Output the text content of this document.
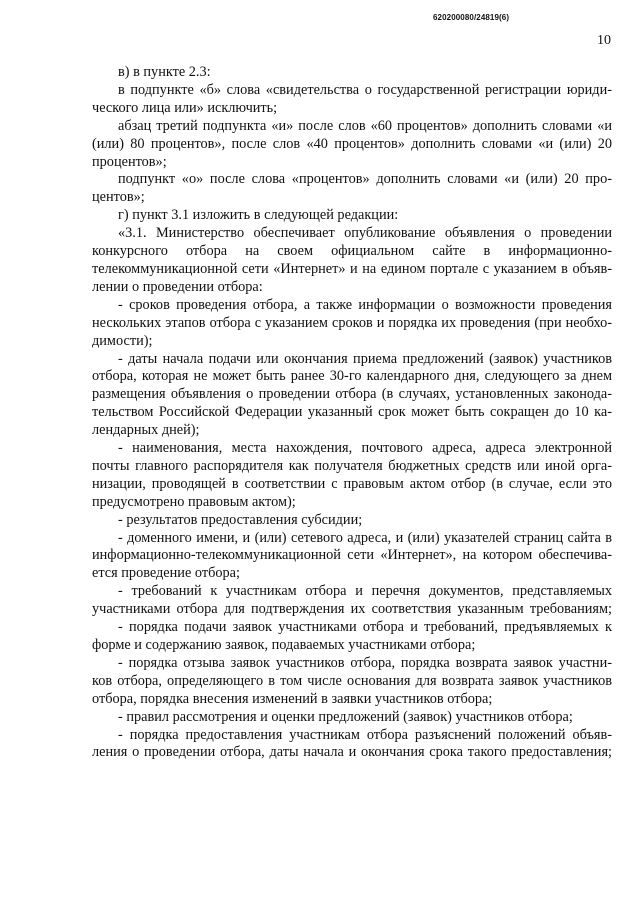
620200080/24819(6)
10
в) в пункте 2.3:
в подпункте «б» слова «свидетельства о государственной регистрации юриди-
ческого лица или» исключить;
абзац третий подпункта «и» после слов «60 процентов» дополнить словами «и
(или) 80 процентов», после слов «40 процентов» дополнить словами «и (или) 20
процентов»;
подпункт «о» после слова «процентов» дополнить словами «и (или) 20 про-
центов»;
г) пункт 3.1 изложить в следующей редакции:
«3.1. Министерство обеспечивает опубликование объявления о проведении
конкурсного отбора на своем официальном сайте в информационно-
телекоммуникационной сети «Интернет» и на едином портале с указанием в объяв-
лении о проведении отбора:
- сроков проведения отбора, а также информации о возможности проведения
нескольких этапов отбора с указанием сроков и порядка их проведения (при необхо-
димости);
- даты начала подачи или окончания приема предложений (заявок) участников
отбора, которая не может быть ранее 30-го календарного дня, следующего за днем
размещения объявления о проведении отбора (в случаях, установленных законода-
тельством Российской Федерации указанный срок может быть сокращен до 10 ка-
лендарных дней);
- наименования, места нахождения, почтового адреса, адреса электронной
почты главного распорядителя как получателя бюджетных средств или иной орга-
низации, проводящей в соответствии с правовым актом отбор (в случае, если это
предусмотрено правовым актом);
- результатов предоставления субсидии;
- доменного имени, и (или) сетевого адреса, и (или) указателей страниц сайта в
информационно-телекоммуникационной сети «Интернет», на котором обеспечива-
ется проведение отбора;
- требований к участникам отбора и перечня документов, представляемых
участниками отбора для подтверждения их соответствия указанным требованиям;
- порядка подачи заявок участниками отбора и требований, предъявляемых к
форме и содержанию заявок, подаваемых участниками отбора;
- порядка отзыва заявок участников отбора, порядка возврата заявок участни-
ков отбора, определяющего в том числе основания для возврата заявок участников
отбора, порядка внесения изменений в заявки участников отбора;
- правил рассмотрения и оценки предложений (заявок) участников отбора;
- порядка предоставления участникам отбора разъяснений положений объяв-
ления о проведении отбора, даты начала и окончания срока такого предоставления;
